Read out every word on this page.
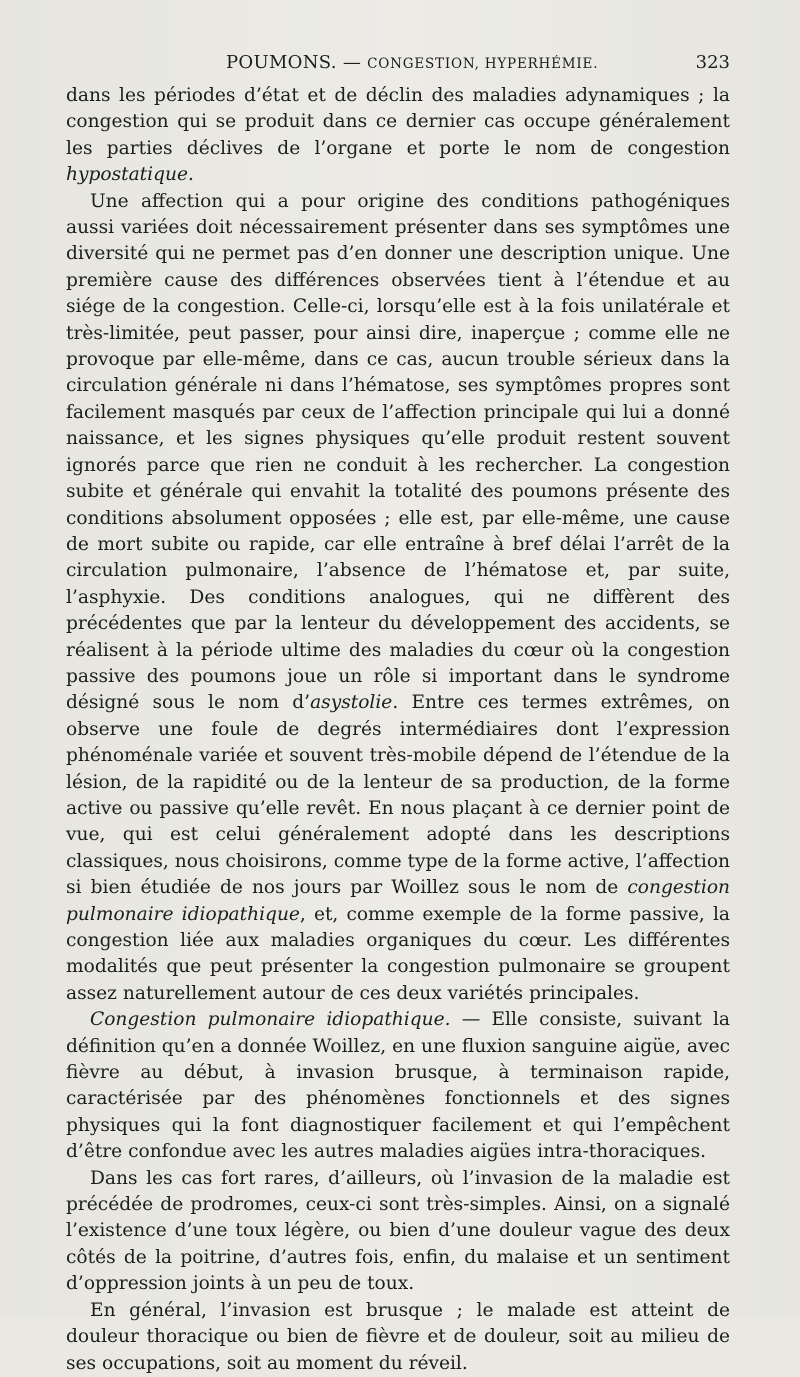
POUMONS. — CONGESTION, HYPERHÉMIE.	323

dans les périodes d’état et de déclin des maladies adynamiques ; la congestion qui se produit dans ce dernier cas occupe généralement les parties déclives de l’organe et porte le nom de congestion hypostatique.

Une affection qui a pour origine des conditions pathogéniques aussi variées doit nécessairement présenter dans ses symptômes une diversité qui ne permet pas d’en donner une description unique. Une première cause des différences observées tient à l’étendue et au siége de la congestion. Celle-ci, lorsqu’elle est à la fois unilatérale et très-limitée, peut passer, pour ainsi dire, inaperçue ; comme elle ne provoque par elle-même, dans ce cas, aucun trouble sérieux dans la circulation générale ni dans l’hématose, ses symptômes propres sont facilement masqués par ceux de l’affection principale qui lui a donné naissance, et les signes physiques qu’elle produit restent souvent ignorés parce que rien ne conduit à les rechercher. La congestion subite et générale qui envahit la totalité des poumons présente des conditions absolument opposées ; elle est, par elle-même, une cause de mort subite ou rapide, car elle entraîne à bref délai l’arrêt de la circulation pulmonaire, l’absence de l’hématose et, par suite, l’asphyxie. Des conditions analogues, qui ne diffèrent des précédentes que par la lenteur du développement des accidents, se réalisent à la période ultime des maladies du cœur où la congestion passive des poumons joue un rôle si important dans le syndrome désigné sous le nom d’asystolie. Entre ces termes extrêmes, on observe une foule de degrés intermédiaires dont l’expression phénoménale variée et souvent très-mobile dépend de l’étendue de la lésion, de la rapidité ou de la lenteur de sa production, de la forme active ou passive qu’elle revêt. En nous plaçant à ce dernier point de vue, qui est celui généralement adopté dans les descriptions classiques, nous choisirons, comme type de la forme active, l’affection si bien étudiée de nos jours par Woillez sous le nom de congestion pulmonaire idiopathique, et, comme exemple de la forme passive, la congestion liée aux maladies organiques du cœur. Les différentes modalités que peut présenter la congestion pulmonaire se groupent assez naturellement autour de ces deux variétés principales.

Congestion pulmonaire idiopathique. — Elle consiste, suivant la définition qu’en a donnée Woillez, en une fluxion sanguine aigüe, avec fièvre au début, à invasion brusque, à terminaison rapide, caractérisée par des phénomènes fonctionnels et des signes physiques qui la font diagnostiquer facilement et qui l’empêchent d’être confondue avec les autres maladies aigües intra-thoraciques.

Dans les cas fort rares, d’ailleurs, où l’invasion de la maladie est précédée de prodromes, ceux-ci sont très-simples. Ainsi, on a signalé l’existence d’une toux légère, ou bien d’une douleur vague des deux côtés de la poitrine, d’autres fois, enfin, du malaise et un sentiment d’oppression joints à un peu de toux.

En général, l’invasion est brusque ; le malade est atteint de douleur thoracique ou bien de fièvre et de douleur, soit au milieu de ses occupations, soit au moment du réveil.
